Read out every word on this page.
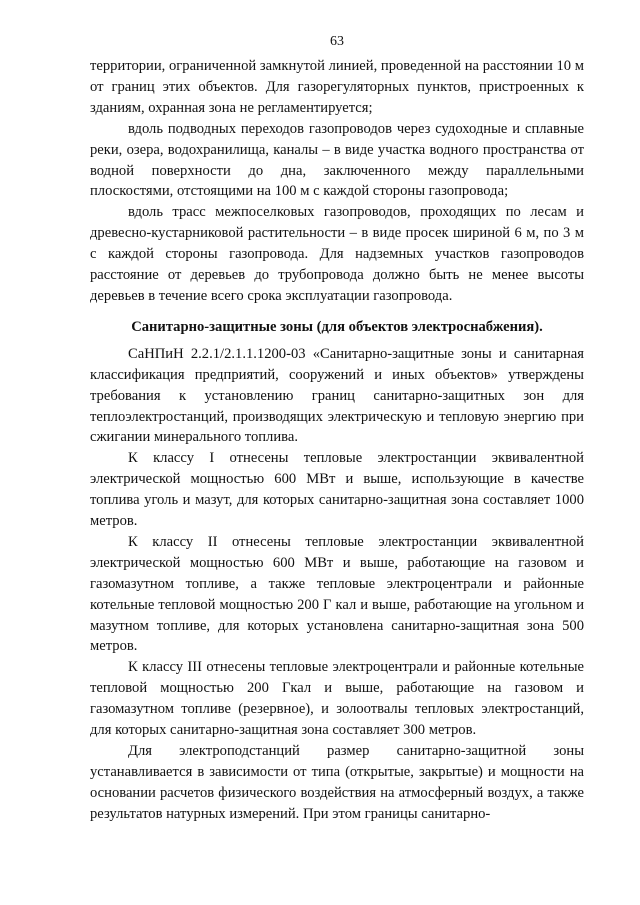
63

территории, ограниченной замкнутой линией, проведенной на расстоянии 10 м от границ этих объектов. Для газорегуляторных пунктов, пристроенных к зданиям, охранная зона не регламентируется;

вдоль подводных переходов газопроводов через судоходные и сплавные реки, озера, водохранилища, каналы – в виде участка водного пространства от водной поверхности до дна, заключенного между параллельными плоскостями, отстоящими на 100 м с каждой стороны газопровода;

вдоль трасс межпоселковых газопроводов, проходящих по лесам и древесно-кустарниковой растительности – в виде просек шириной 6 м, по 3 м с каждой стороны газопровода. Для надземных участков газопроводов расстояние от деревьев до трубопровода должно быть не менее высоты деревьев в течение всего срока эксплуатации газопровода.

Санитарно-защитные зоны (для объектов электроснабжения).

СаНПиН 2.2.1/2.1.1.1200-03 «Санитарно-защитные зоны и санитарная классификация предприятий, сооружений и иных объектов» утверждены требования к установлению границ санитарно-защитных зон для теплоэлектростанций, производящих электрическую и тепловую энергию при сжигании минерального топлива.

К классу I отнесены тепловые электростанции эквивалентной электрической мощностью 600 МВт и выше, использующие в качестве топлива уголь и мазут, для которых санитарно-защитная зона составляет 1000 метров.

К классу II отнесены тепловые электростанции эквивалентной электрической мощностью 600 МВт и выше, работающие на газовом и газомазутном топливе, а также тепловые электроцентрали и районные котельные тепловой мощностью 200 Г кал и выше, работающие на угольном и мазутном топливе, для которых установлена санитарно-защитная зона 500 метров.

К классу III отнесены тепловые электроцентрали и районные котельные тепловой мощностью 200 Гкал и выше, работающие на газовом и газомазутном топливе (резервное), и золоотвалы тепловых электростанций, для которых санитарно-защитная зона составляет 300 метров.

Для электроподстанций размер санитарно-защитной зоны устанавливается в зависимости от типа (открытые, закрытые) и мощности на основании расчетов физического воздействия на атмосферный воздух, а также результатов натурных измерений. При этом границы санитарно-
